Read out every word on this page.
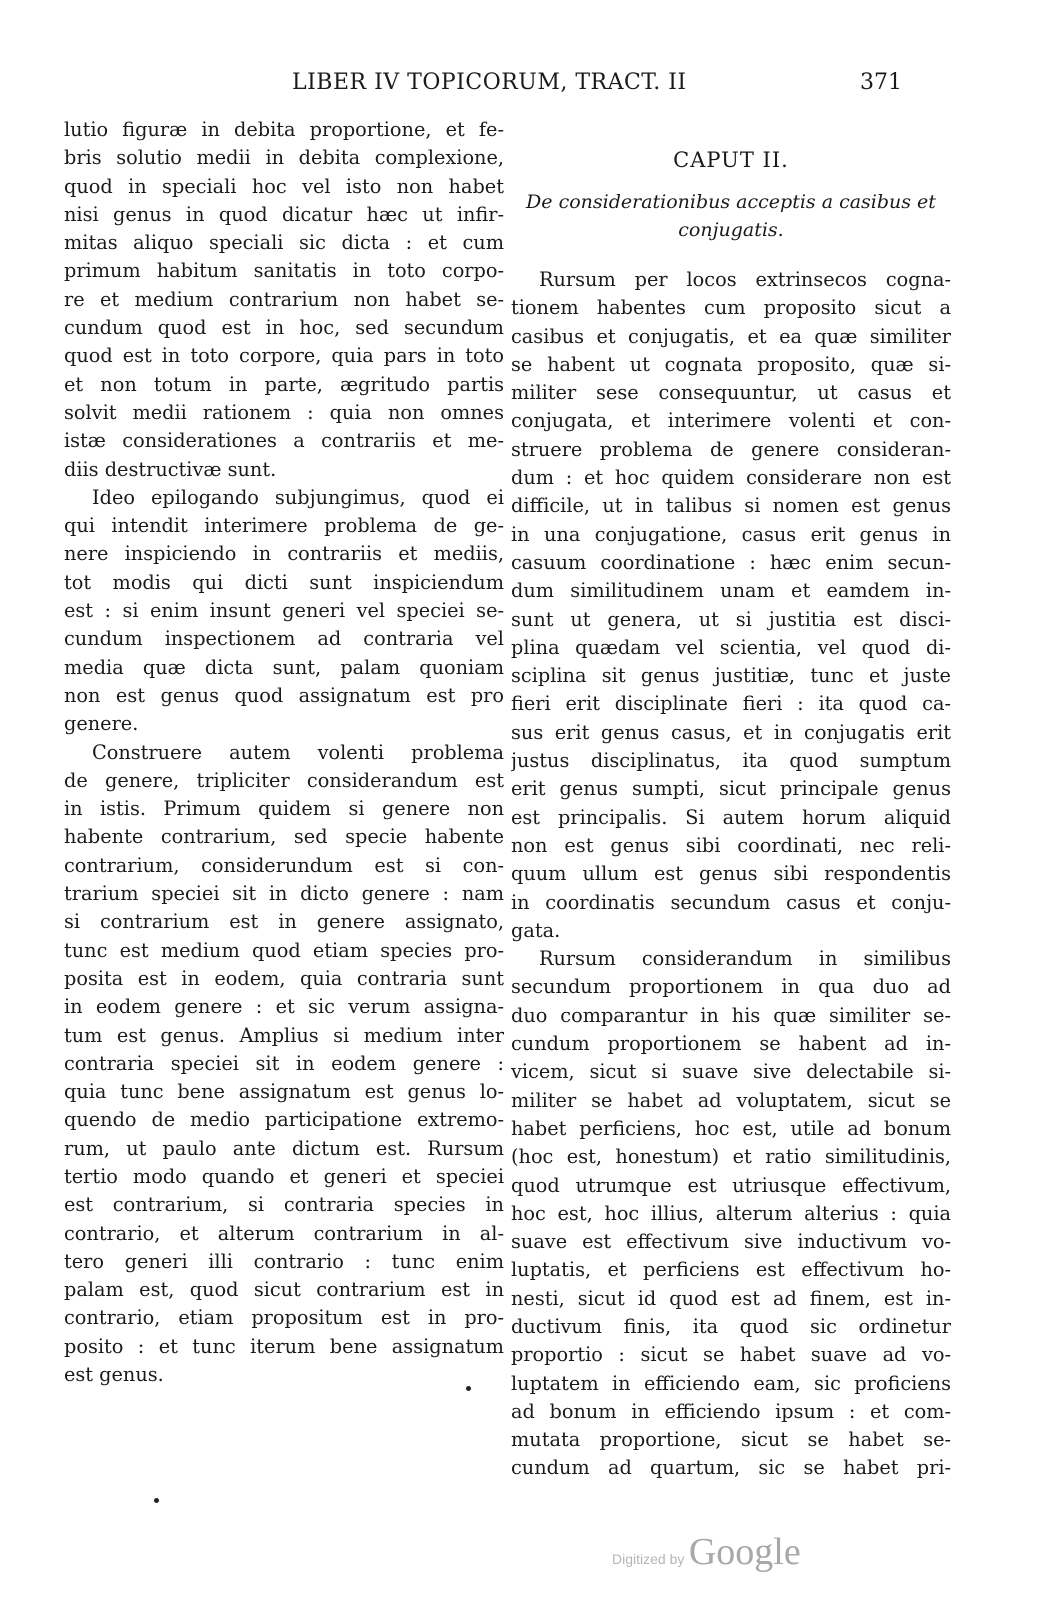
LIBER IV TOPICORUM, TRACT. II	371
lutio figuræ in debita proportione, et fe-
bris solutio medii in debita complexione,
quod in speciali hoc vel isto non habet
nisi genus in quod dicatur hæc ut infir-
mitas aliquo speciali sic dicta : et cum
primum habitum sanitatis in toto corpo-
re et medium contrarium non habet se-
cundum quod est in hoc, sed secundum
quod est in toto corpore, quia pars in toto
et non totum in parte, ægritudo partis
solvit medii rationem : quia non omnes
istæ considerationes a contrariis et me-
diis destructivæ sunt.
Ideo epilogando subjungimus, quod ei
qui intendit interimere problema de ge-
nere inspiciendo in contrariis et mediis,
tot modis qui dicti sunt inspiciendum
est : si enim insunt generi vel speciei se-
cundum inspectionem ad contraria vel
media quæ dicta sunt, palam quoniam
non est genus quod assignatum est pro
genere.
Construere autem volenti problema
de genere, tripliciter considerandum est
in istis. Primum quidem si genere non
habente contrarium, sed specie habente
contrarium, considerundum est si con-
trarium speciei sit in dicto genere : nam
si contrarium est in genere assignato,
tunc est medium quod etiam species pro-
posita est in eodem, quia contraria sunt
in eodem genere : et sic verum assigna-
tum est genus. Amplius si medium inter
contraria speciei sit in eodem genere :
quia tunc bene assignatum est genus lo-
quendo de medio participatione extremo-
rum, ut paulo ante dictum est. Rursum
tertio modo quando et generi et speciei
est contrarium, si contraria species in
contrario, et alterum contrarium in al-
tero generi illi contrario : tunc enim
palam est, quod sicut contrarium est in
contrario, etiam propositum est in pro-
posito : et tunc iterum bene assignatum
est genus.
CAPUT II.
De considerationibus acceptis a casibus et
conjugatis.
Rursum per locos extrinsecos cogna-
tionem habentes cum proposito sicut a
casibus et conjugatis, et ea quæ similiter
se habent ut cognata proposito, quæ si-
militer sese consequuntur, ut casus et
conjugata, et interimere volenti et con-
struere problema de genere consideran-
dum : et hoc quidem considerare non est
difficile, ut in talibus si nomen est genus
in una conjugatione, casus erit genus in
casuum coordinatione : hæc enim secun-
dum similitudinem unam et eamdem in-
sunt ut genera, ut si justitia est disci-
plina quædam vel scientia, vel quod di-
sciplina sit genus justitiæ, tunc et juste
fieri erit disciplinate fieri : ita quod ca-
sus erit genus casus, et in conjugatis erit
justus disciplinatus, ita quod sumptum
erit genus sumpti, sicut principale genus
est principalis. Si autem horum aliquid
non est genus sibi coordinati, nec reli-
quum ullum est genus sibi respondentis
in coordinatis secundum casus et conju-
gata.
Rursum considerandum in similibus
secundum proportionem in qua duo ad
duo comparantur in his quæ similiter se-
cundum proportionem se habent ad in-
vicem, sicut si suave sive delectabile si-
militer se habet ad voluptatem, sicut se
habet perficiens, hoc est, utile ad bonum
(hoc est, honestum) et ratio similitudinis,
quod utrumque est utriusque effectivum,
hoc est, hoc illius, alterum alterius : quia
suave est effectivum sive inductivum vo-
luptatis, et perficiens est effectivum ho-
nesti, sicut id quod est ad finem, est in-
ductivum finis, ita quod sic ordinetur
proportio : sicut se habet suave ad vo-
luptatem in efficiendo eam, sic proficiens
ad bonum in efficiendo ipsum : et com-
mutata proportione, sicut se habet se-
cundum ad quartum, sic se habet pri-
Digitized by Google
